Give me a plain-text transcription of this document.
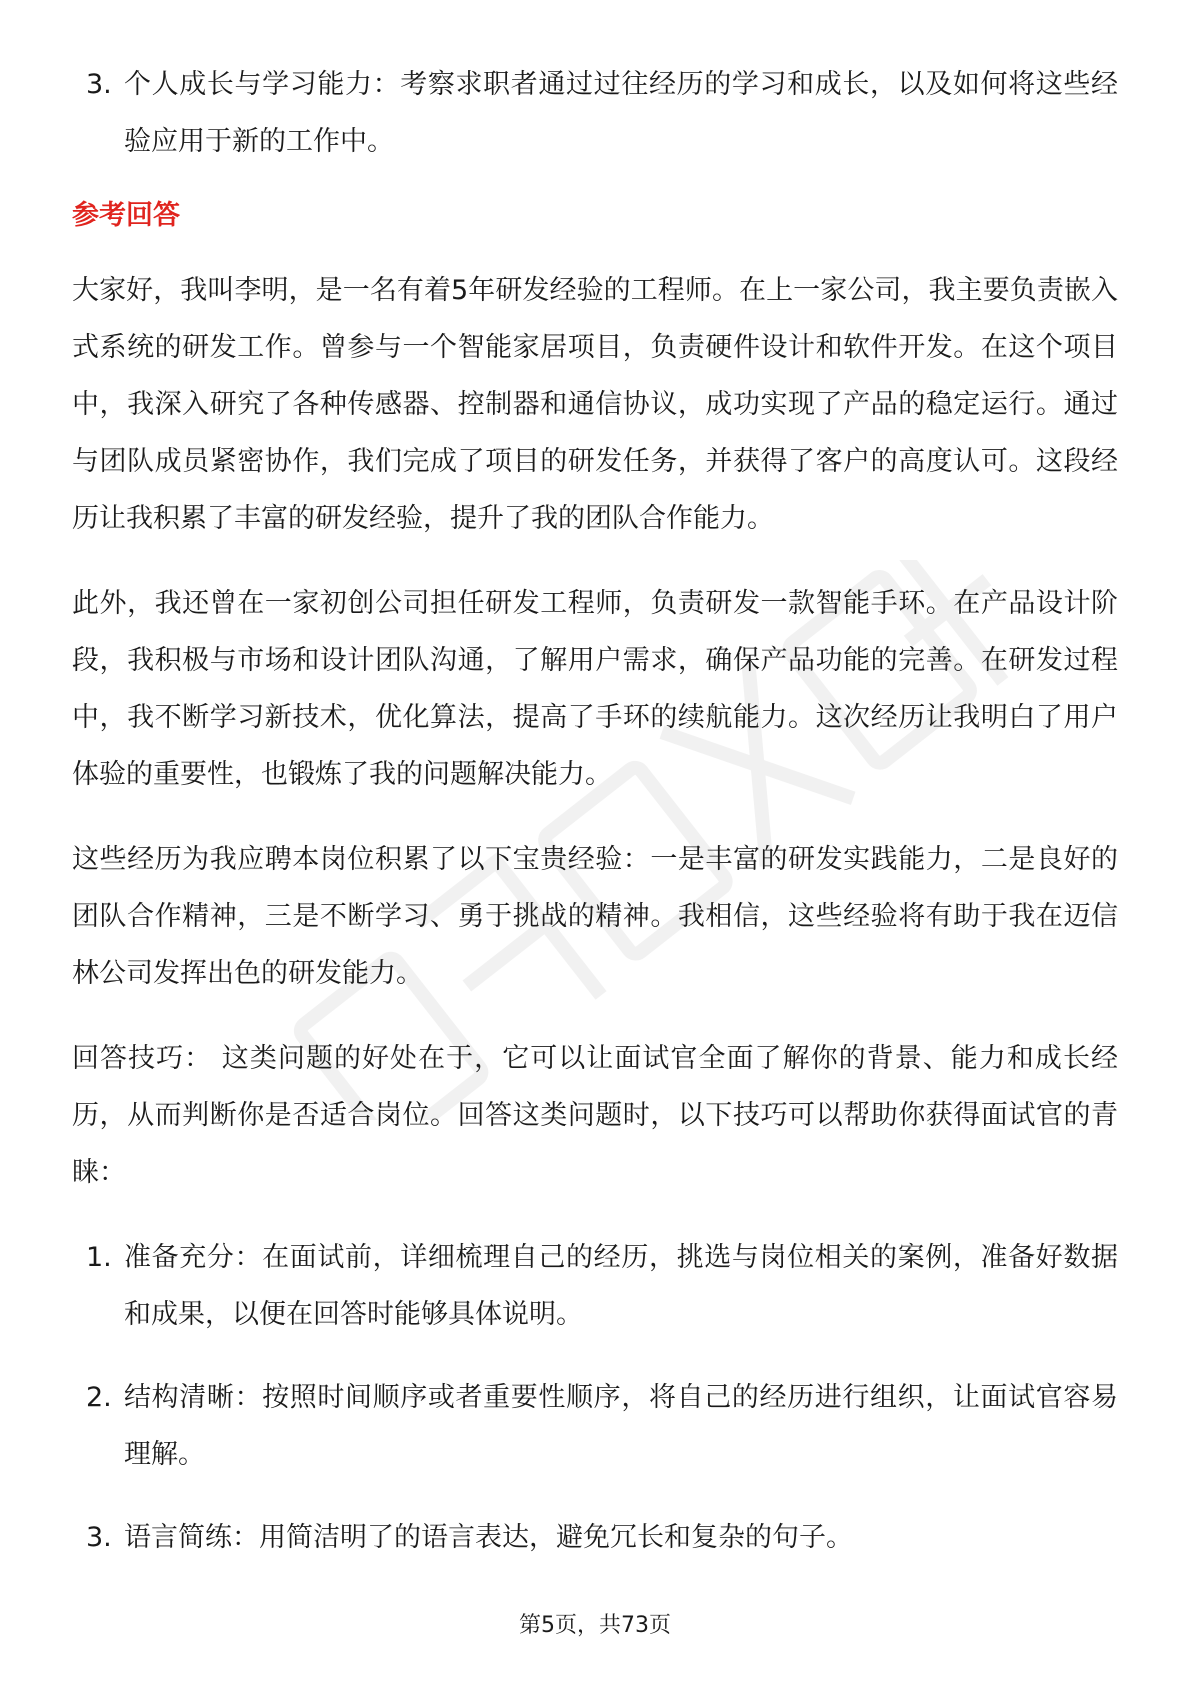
3. 个人成长与学习能力：考察求职者通过过往经历的学习和成长，以及如何将这些经验应用于新的工作中。
参考回答

大家好，我叫李明，是一名有着5年研发经验的工程师。在上一家公司，我主要负责嵌入式系统的研发工作。曾参与一个智能家居项目，负责硬件设计和软件开发。在这个项目中，我深入研究了各种传感器、控制器和通信协议，成功实现了产品的稳定运行。通过与团队成员紧密协作，我们完成了项目的研发任务，并获得了客户的高度认可。这段经历让我积累了丰富的研发经验，提升了我的团队合作能力。

此外，我还曾在一家初创公司担任研发工程师，负责研发一款智能手环。在产品设计阶段，我积极与市场和设计团队沟通，了解用户需求，确保产品功能的完善。在研发过程中，我不断学习新技术，优化算法，提高了手环的续航能力。这次经历让我明白了用户体验的重要性，也锻炼了我的问题解决能力。

这些经历为我应聘本岗位积累了以下宝贵经验：一是丰富的研发实践能力，二是良好的团队合作精神，三是不断学习、勇于挑战的精神。我相信，这些经验将有助于我在迈信林公司发挥出色的研发能力。

回答技巧： 这类问题的好处在于，它可以让面试官全面了解你的背景、能力和成长经历，从而判断你是否适合岗位。回答这类问题时，以下技巧可以帮助你获得面试官的青睐：

1. 准备充分：在面试前，详细梳理自己的经历，挑选与岗位相关的案例，准备好数据和成果，以便在回答时能够具体说明。
2. 结构清晰：按照时间顺序或者重要性顺序，将自己的经历进行组织，让面试官容易理解。
3. 语言简练：用简洁明了的语言表达，避免冗长和复杂的句子。
第5页，共73页
